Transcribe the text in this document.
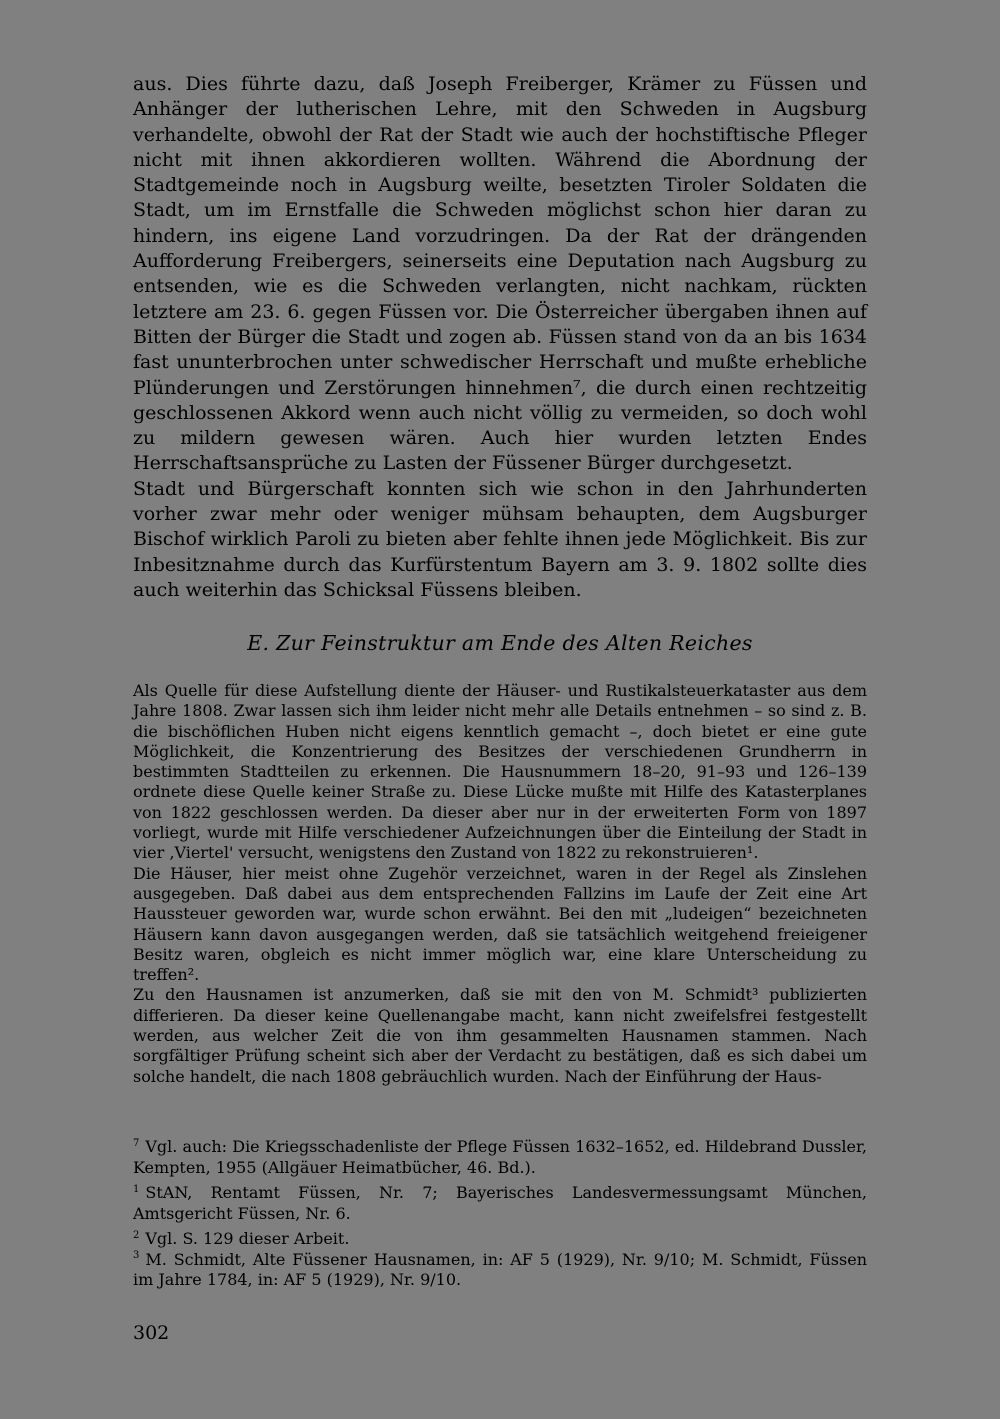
aus. Dies führte dazu, daß Joseph Freiberger, Krämer zu Füssen und Anhänger der lutherischen Lehre, mit den Schweden in Augsburg verhandelte, obwohl der Rat der Stadt wie auch der hochstiftische Pfleger nicht mit ihnen akkordieren wollten. Während die Abordnung der Stadtgemeinde noch in Augsburg weilte, besetzten Tiroler Soldaten die Stadt, um im Ernstfalle die Schweden möglichst schon hier daran zu hindern, ins eigene Land vorzudringen. Da der Rat der drängenden Aufforderung Freibergers, seinerseits eine Deputation nach Augsburg zu entsenden, wie es die Schweden verlangten, nicht nachkam, rückten letztere am 23. 6. gegen Füssen vor. Die Österreicher übergaben ihnen auf Bitten der Bürger die Stadt und zogen ab. Füssen stand von da an bis 1634 fast ununterbrochen unter schwedischer Herrschaft und mußte erhebliche Plünderungen und Zerstörungen hinnehmen⁷, die durch einen rechtzeitig geschlossenen Akkord wenn auch nicht völlig zu vermeiden, so doch wohl zu mildern gewesen wären. Auch hier wurden letzten Endes Herrschaftsansprüche zu Lasten der Füssener Bürger durchgesetzt.

Stadt und Bürgerschaft konnten sich wie schon in den Jahrhunderten vorher zwar mehr oder weniger mühsam behaupten, dem Augsburger Bischof wirklich Paroli zu bieten aber fehlte ihnen jede Möglichkeit. Bis zur Inbesitznahme durch das Kurfürstentum Bayern am 3. 9. 1802 sollte dies auch weiterhin das Schicksal Füssens bleiben.

E. Zur Feinstruktur am Ende des Alten Reiches

Als Quelle für diese Aufstellung diente der Häuser- und Rustikalsteuerkataster aus dem Jahre 1808. Zwar lassen sich ihm leider nicht mehr alle Details entnehmen – so sind z. B. die bischöflichen Huben nicht eigens kenntlich gemacht –, doch bietet er eine gute Möglichkeit, die Konzentrierung des Besitzes der verschiedenen Grundherrn in bestimmten Stadtteilen zu erkennen. Die Hausnummern 18–20, 91–93 und 126–139 ordnete diese Quelle keiner Straße zu. Diese Lücke mußte mit Hilfe des Katasterplanes von 1822 geschlossen werden. Da dieser aber nur in der erweiterten Form von 1897 vorliegt, wurde mit Hilfe verschiedener Aufzeichnungen über die Einteilung der Stadt in vier ‚Viertel' versucht, wenigstens den Zustand von 1822 zu rekonstruieren¹.

Die Häuser, hier meist ohne Zugehör verzeichnet, waren in der Regel als Zinslehen ausgegeben. Daß dabei aus dem entsprechenden Fallzins im Laufe der Zeit eine Art Haussteuer geworden war, wurde schon erwähnt. Bei den mit „ludeigen“ bezeichneten Häusern kann davon ausgegangen werden, daß sie tatsächlich weitgehend freieigener Besitz waren, obgleich es nicht immer möglich war, eine klare Unterscheidung zu treffen².

Zu den Hausnamen ist anzumerken, daß sie mit den von M. Schmidt³ publizierten differieren. Da dieser keine Quellenangabe macht, kann nicht zweifelsfrei festgestellt werden, aus welcher Zeit die von ihm gesammelten Hausnamen stammen. Nach sorgfältiger Prüfung scheint sich aber der Verdacht zu bestätigen, daß es sich dabei um solche handelt, die nach 1808 gebräuchlich wurden. Nach der Einführung der Haus-

$^7$ Vgl. auch: Die Kriegsschadenliste der Pflege Füssen 1632–1652, ed. Hildebrand Dussler, Kempten, 1955 (Allgäuer Heimatbücher, 46. Bd.).

$^1$ StAN, Rentamt Füssen, Nr. 7; Bayerisches Landesvermessungsamt München, Amtsgericht Füssen, Nr. 6.

$^2$ Vgl. S. 129 dieser Arbeit.

$^3$ M. Schmidt, Alte Füssener Hausnamen, in: AF 5 (1929), Nr. 9/10; M. Schmidt, Füssen im Jahre 1784, in: AF 5 (1929), Nr. 9/10.

302
